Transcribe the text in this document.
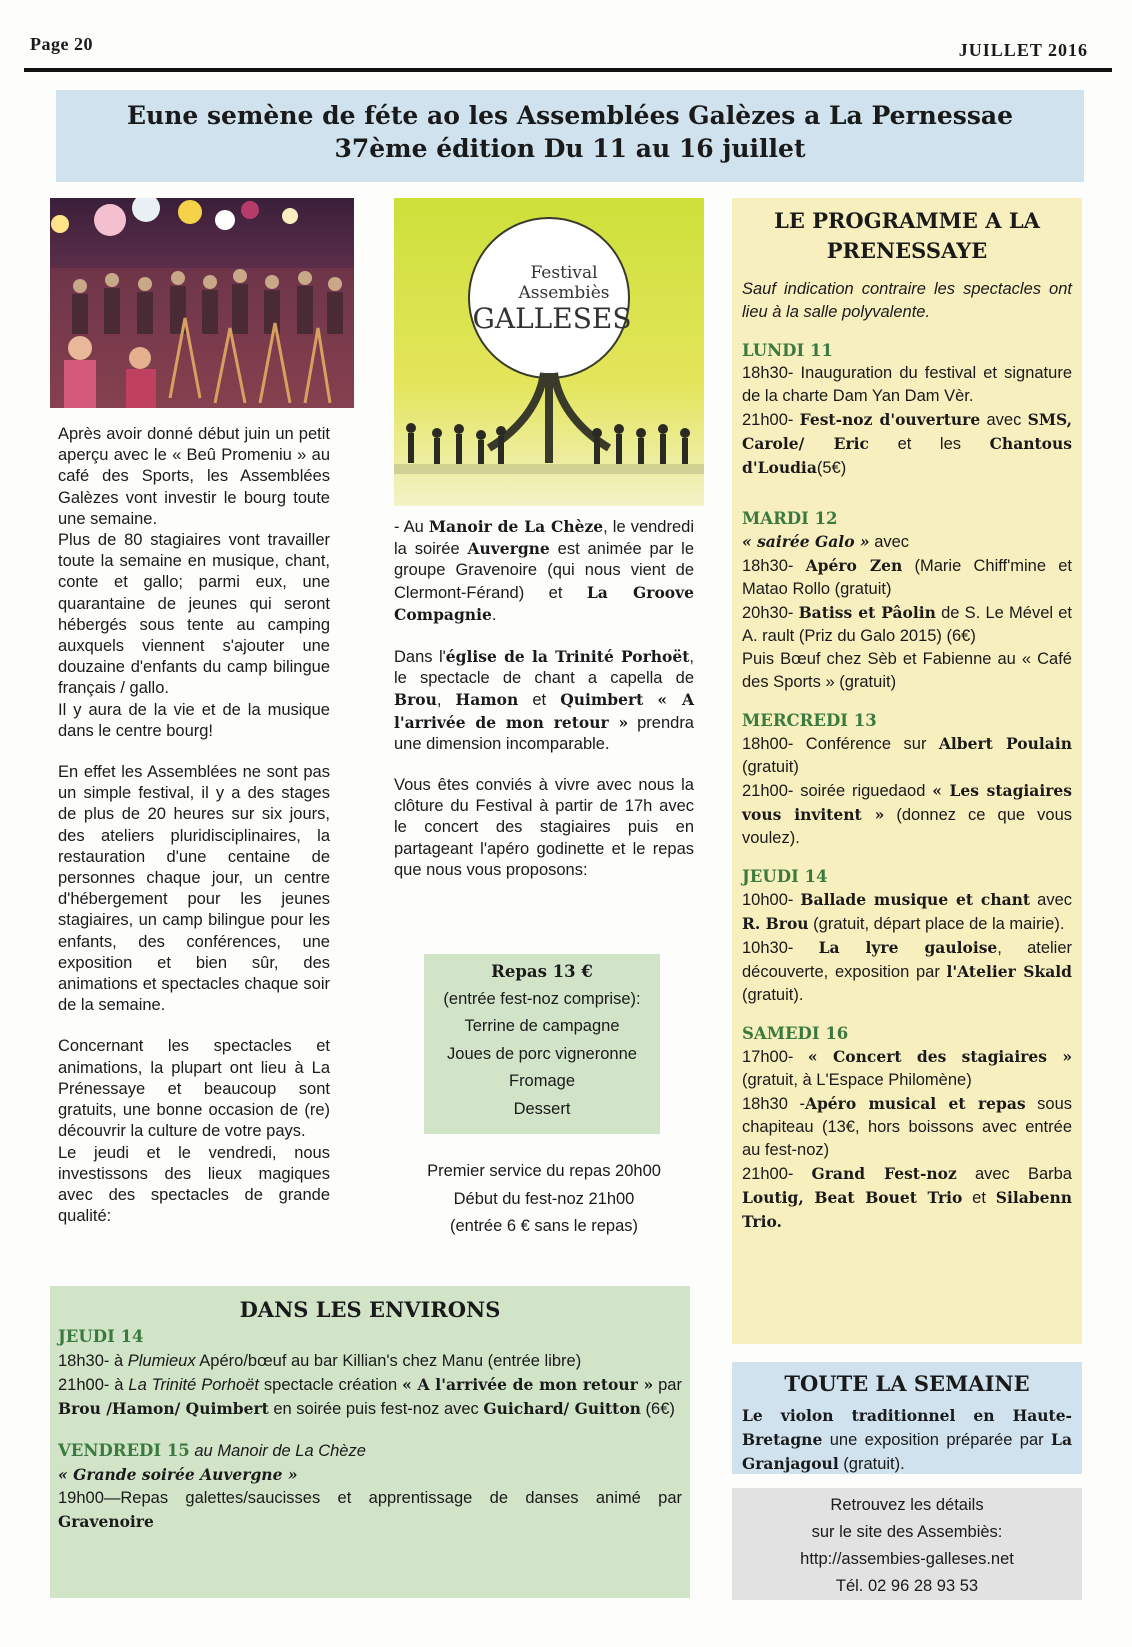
Page 20	JUILLET 2016
Eune semène de féte ao les Assemblées Galèzes a La Pernessae
37ème édition Du 11 au 16 juillet
Festival
Assembiès
GALLESES

Après avoir donné début juin un petit aperçu avec le « Beû Promeniu » au café des Sports, les Assemblées Galèzes vont investir le bourg toute une semaine.

Plus de 80 stagiaires vont travailler toute la semaine en musique, chant, conte et gallo; parmi eux, une quarantaine de jeunes qui seront hébergés sous tente au camping auxquels viennent s'ajouter une douzaine d'enfants du camp bilingue français / gallo.

Il y aura de la vie et de la musique dans le centre bourg!

En effet les Assemblées ne sont pas un simple festival, il y a des stages de plus de 20 heures sur six jours, des ateliers pluridisciplinaires, la restauration d'une centaine de personnes chaque jour, un centre d'hébergement pour les jeunes stagiaires, un camp bilingue pour les enfants, des conférences, une exposition et bien sûr, des animations et spectacles chaque soir de la semaine.

Concernant les spectacles et animations, la plupart ont lieu à La Prénessaye et beaucoup sont gratuits, une bonne occasion de (re) découvrir la culture de votre pays.

Le jeudi et le vendredi, nous investissons des lieux magiques avec des spectacles de grande qualité:

- Au Manoir de La Chèze, le vendredi la soirée Auvergne est animée par le groupe Gravenoire (qui nous vient de Clermont-Férand) et La Groove Compagnie.

Dans l'église de la Trinité Porhoët, le spectacle de chant a capella de Brou, Hamon et Quimbert « A l'arrivée de mon retour » prendra une dimension incomparable.

Vous êtes conviés à vivre avec nous la clôture du Festival à partir de 17h avec le concert des stagiaires puis en partageant l'apéro godinette et le repas que nous vous proposons:

Repas 13 €
(entrée fest-noz comprise):
Terrine de campagne
Joues de porc vigneronne
Fromage
Dessert
Premier service du repas 20h00
Début du fest-noz 21h00
(entrée 6 € sans le repas)
LE PROGRAMME A LA PRENESSAYE
Sauf indication contraire les spectacles ont lieu à la salle polyvalente.
LUNDI 11
18h30- Inauguration du festival et signature de la charte Dam Yan Dam Vèr.
21h00- Fest-noz d'ouverture avec SMS, Carole/ Eric et les Chantous d'Loudia(5€)
MARDI 12
« sairée Galo » avec
18h30- Apéro Zen (Marie Chiff'mine et Matao Rollo (gratuit)
20h30- Batiss et Pâolin de S. Le Mével et A. rault (Priz du Galo 2015) (6€)
Puis Bœuf chez Sèb et Fabienne au « Café des Sports » (gratuit)
MERCREDI 13
18h00- Conférence sur Albert Poulain (gratuit)
21h00- soirée riguedaod « Les stagiaires vous invitent » (donnez ce que vous voulez).
JEUDI 14
10h00- Ballade musique et chant avec R. Brou (gratuit, départ place de la mairie).
10h30- La lyre gauloise, atelier découverte, exposition par l'Atelier Skald (gratuit).
SAMEDI 16
17h00- « Concert des stagiaires » (gratuit, à L'Espace Philomène)
18h30 -Apéro musical et repas sous chapiteau (13€, hors boissons avec entrée au fest-noz)
21h00- Grand Fest-noz avec Barba Loutig, Beat Bouet Trio et Silabenn Trio.
DANS LES ENVIRONS
JEUDI 14
18h30- à Plumieux Apéro/bœuf au bar Killian's chez Manu (entrée libre)
21h00- à La Trinité Porhoët spectacle création « A l'arrivée de mon retour » par Brou /Hamon/ Quimbert en soirée puis fest-noz avec Guichard/ Guitton (6€)
VENDREDI 15 au Manoir de La Chèze
« Grande soirée Auvergne »
19h00—Repas galettes/saucisses et apprentissage de danses animé par Gravenoire
TOUTE LA SEMAINE
Le violon traditionnel en Haute-Bretagne une exposition préparée par La Granjagoul (gratuit).
Retrouvez les détails
sur le site des Assembiès:
http://assembies-galleses.net
Tél. 02 96 28 93 53
